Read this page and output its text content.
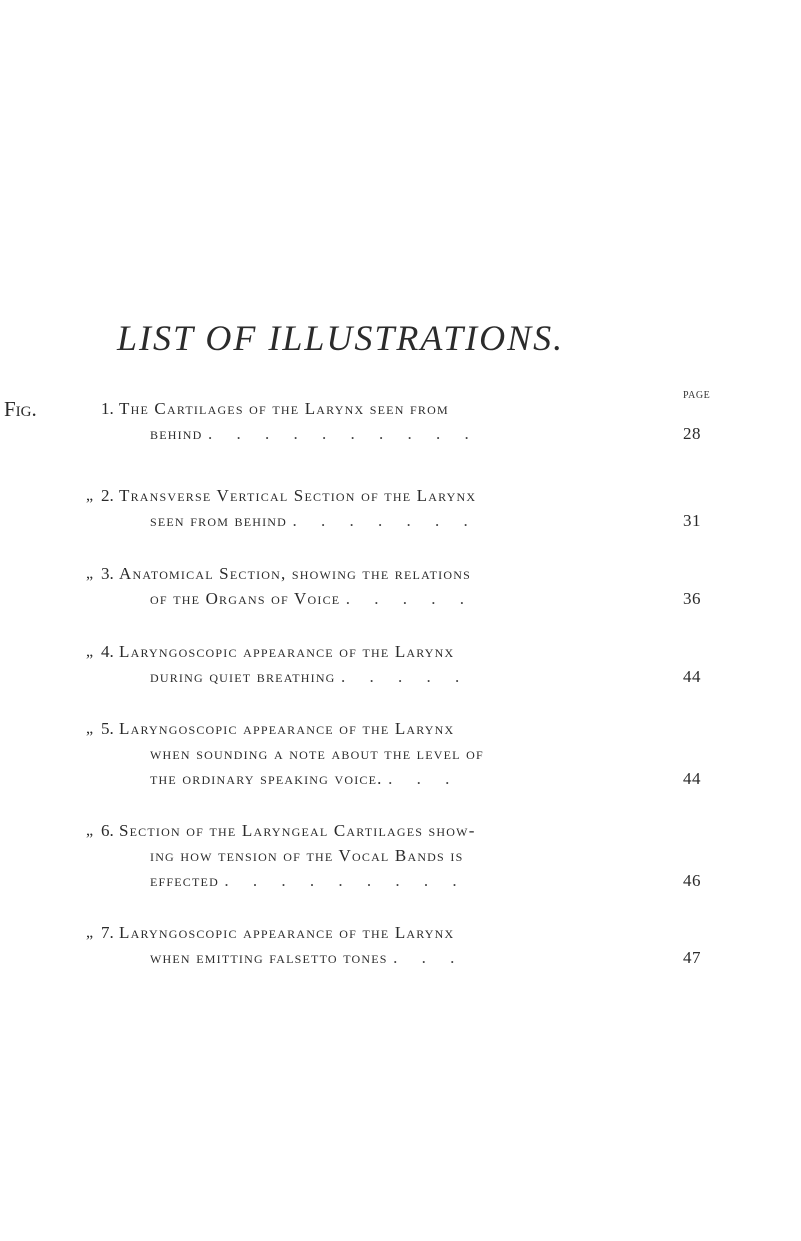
LIST OF ILLUSTRATIONS.
PAGE
Fig.	1. The Cartilages of the Larynx seen from
behind . . . . . . . . . .	28
„ 2. Transverse Vertical Section of the Larynx
seen from behind . . . . . . .	31
„ 3. Anatomical Section, showing the relations
of the Organs of Voice . . . . .	36
„ 4. Laryngoscopic appearance of the Larynx
during quiet breathing . . . . .	44
„ 5. Laryngoscopic appearance of the Larynx
when sounding a note about the level of
the ordinary speaking voice. . . .	44
„ 6. Section of the Laryngeal Cartilages show-
ing how tension of the Vocal Bands is
effected . . . . . . . . .	46
„ 7. Laryngoscopic appearance of the Larynx
when emitting falsetto tones . . .	47
